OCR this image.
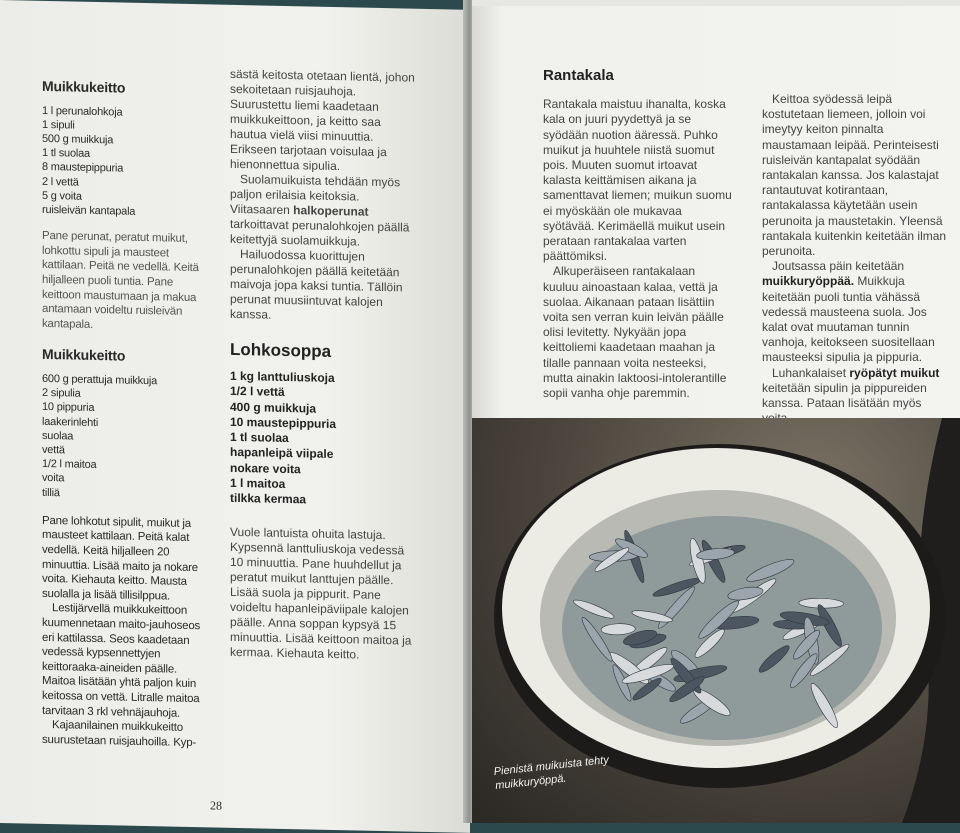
Muikkukeitto
1 l perunalohkoja
1 sipuli
500 g muikkuja
1 tl suolaa
8 maustepippuria
2 l vettä
5 g voita
ruisleivän kantapala

Pane perunat, peratut muikut, lohkottu sipuli ja mausteet kattilaan. Peitä ne vedellä. Keitä hiljalleen puoli tuntia. Pane keittoon maustumaan ja makua antamaan voideltu ruisleivän kantapala.

Muikkukeitto
600 g perattuja muikkuja
2 sipulia
10 pippuria
laakerinlehti
suolaa
vettä
1/2 l maitoa
voita
tilliä

Pane lohkotut sipulit, muikut ja mausteet kattilaan. Peitä kalat vedellä. Keitä hiljalleen 20 minuuttia. Lisää maito ja nokare voita. Kiehauta keitto. Mausta suolalla ja lisää tillisilppua.

Lestijärvellä muikkukeittoon kuumennetaan maito-jauhoseos eri kattilassa. Seos kaadetaan vedessä kypsennettyjen keittoraaka-aineiden päälle. Maitoa lisätään yhtä paljon kuin keitossa on vettä. Litralle maitoa tarvitaan 3 rkl vehnäjauhoja.

Kajaanilainen muikkukeitto suurustetaan ruisjauhoilla. Kyp-

sästä keitosta otetaan lientä, johon sekoitetaan ruisjauhoja. Suurustettu liemi kaadetaan muikkukeittoon, ja keitto saa hautua vielä viisi minuuttia. Erikseen tarjotaan voisulaa ja hienonnettua sipulia.

Suolamuikuista tehdään myös paljon erilaisia keitoksia. Viitasaaren halkoperunat tarkoittavat perunalohkojen päällä keitettyjä suolamuikkuja.

Hailuodossa kuorittujen perunalohkojen päällä keitetään maivoja jopa kaksi tuntia. Tällöin perunat muusiintuvat kalojen kanssa.

Lohkosoppa
1 kg lanttuliuskoja
1/2 l vettä
400 g muikkuja
10 maustepippuria
1 tl suolaa
hapanleipä viipale
nokare voita
1 l maitoa
tilkka kermaa

Vuole lantuista ohuita lastuja. Kypsennä lanttuliuskoja vedessä 10 minuuttia. Pane huuhdellut ja peratut muikut lanttujen päälle. Lisää suola ja pippurit. Pane voideltu hapanleipäviipale kalojen päälle. Anna soppan kypsyä 15 minuuttia. Lisää keittoon maitoa ja kermaa. Kiehauta keitto.

28
Rantakala

Rantakala maistuu ihanalta, koska kala on juuri pyydettyä ja se syödään nuotion ääressä. Puhko muikut ja huuhtele niistä suomut pois. Muuten suomut irtoavat kalasta keittämisen aikana ja samenttavat liemen; muikun suomu ei myöskään ole mukavaa syötävää. Kerimäellä muikut usein perataan rantakalaa varten päättömiksi.

Alkuperäiseen rantakalaan kuuluu ainoastaan kalaa, vettä ja suolaa. Aikanaan pataan lisättiin voita sen verran kuin leivän päälle olisi levitetty. Nykyään jopa keittoliemi kaadetaan maahan ja tilalle pannaan voita nesteeksi, mutta ainakin laktoosi-intolerantille sopii vanha ohje paremmin.

Keittoa syödessä leipä kostutetaan liemeen, jolloin voi imeytyy keiton pinnalta maustamaan leipää. Perinteisesti ruisleivän kantapalat syödään rantakalan kanssa. Jos kalastajat rantautuvat kotirantaan, rantakalassa käytetään usein perunoita ja maustetakin. Yleensä rantakala kuitenkin keitetään ilman perunoita.

Joutsassa päin keitetään muikkuryöppää. Muikkuja keitetään puoli tuntia vähässä vedessä mausteena suola. Jos kalat ovat muutaman tunnin vanhoja, keitokseen suositellaan mausteeksi sipulia ja pippuria.

Luhankalaiset ryöpätyt muikut keitetään sipulin ja pippureiden kanssa. Pataan lisätään myös

Pienistä muikuista tehty muikkuryöppä.
